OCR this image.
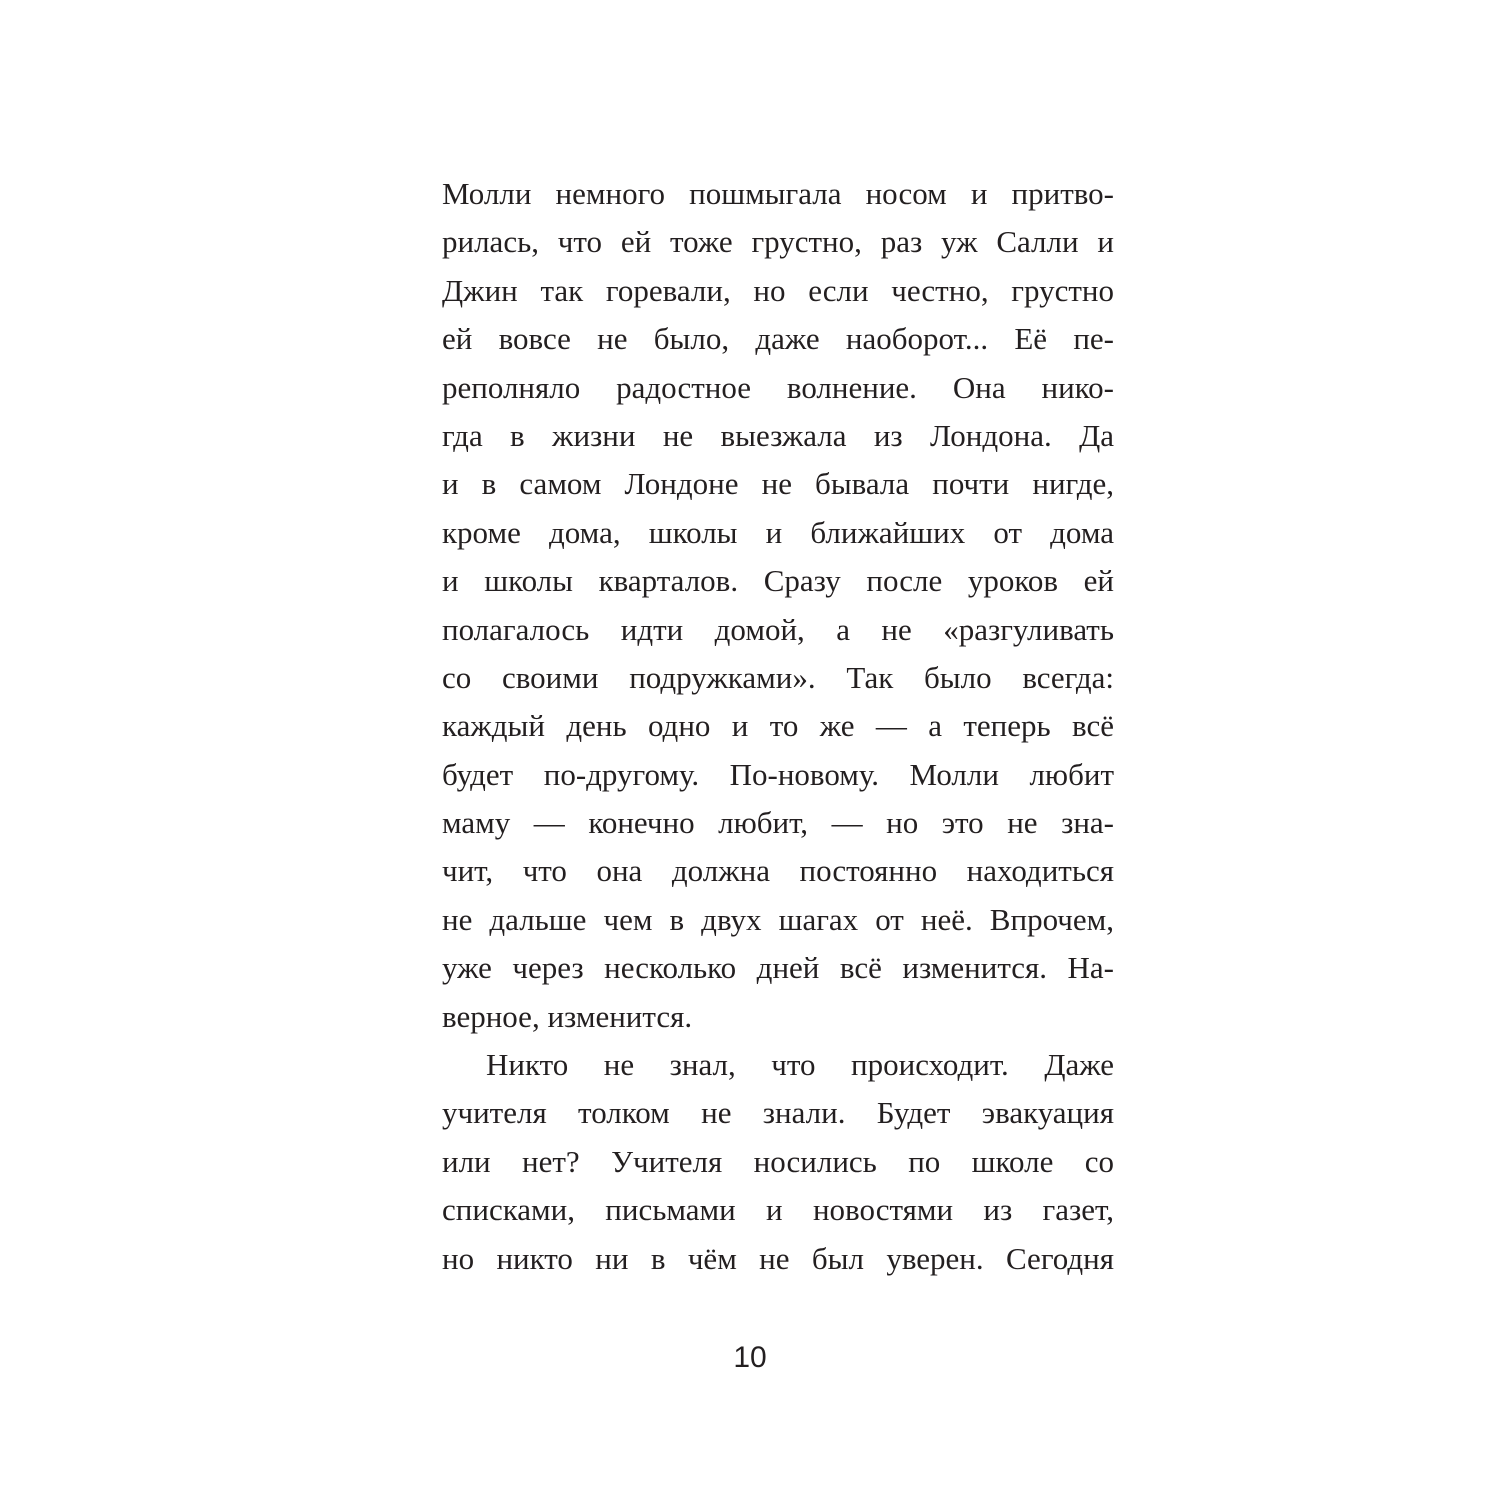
Молли немного пошмыгала носом и притво-
рилась, что ей тоже грустно, раз уж Салли и
Джин так горевали, но если честно, грустно
ей вовсе не было, даже наоборот... Её пе-
реполняло радостное волнение. Она нико-
гда в жизни не выезжала из Лондона. Да
и в самом Лондоне не бывала почти нигде,
кроме дома, школы и ближайших от дома
и школы кварталов. Сразу после уроков ей
полагалось идти домой, а не «разгуливать
со своими подружками». Так было всегда:
каждый день одно и то же — а теперь всё
будет по-другому. По-новому. Молли любит
маму — конечно любит, — но это не зна-
чит, что она должна постоянно находиться
не дальше чем в двух шагах от неё. Впрочем,
уже через несколько дней всё изменится. На-
верное, изменится.
Никто не знал, что происходит. Даже
учителя толком не знали. Будет эвакуация
или нет? Учителя носились по школе со
списками, письмами и новостями из газет,
но никто ни в чём не был уверен. Сегодня
10
